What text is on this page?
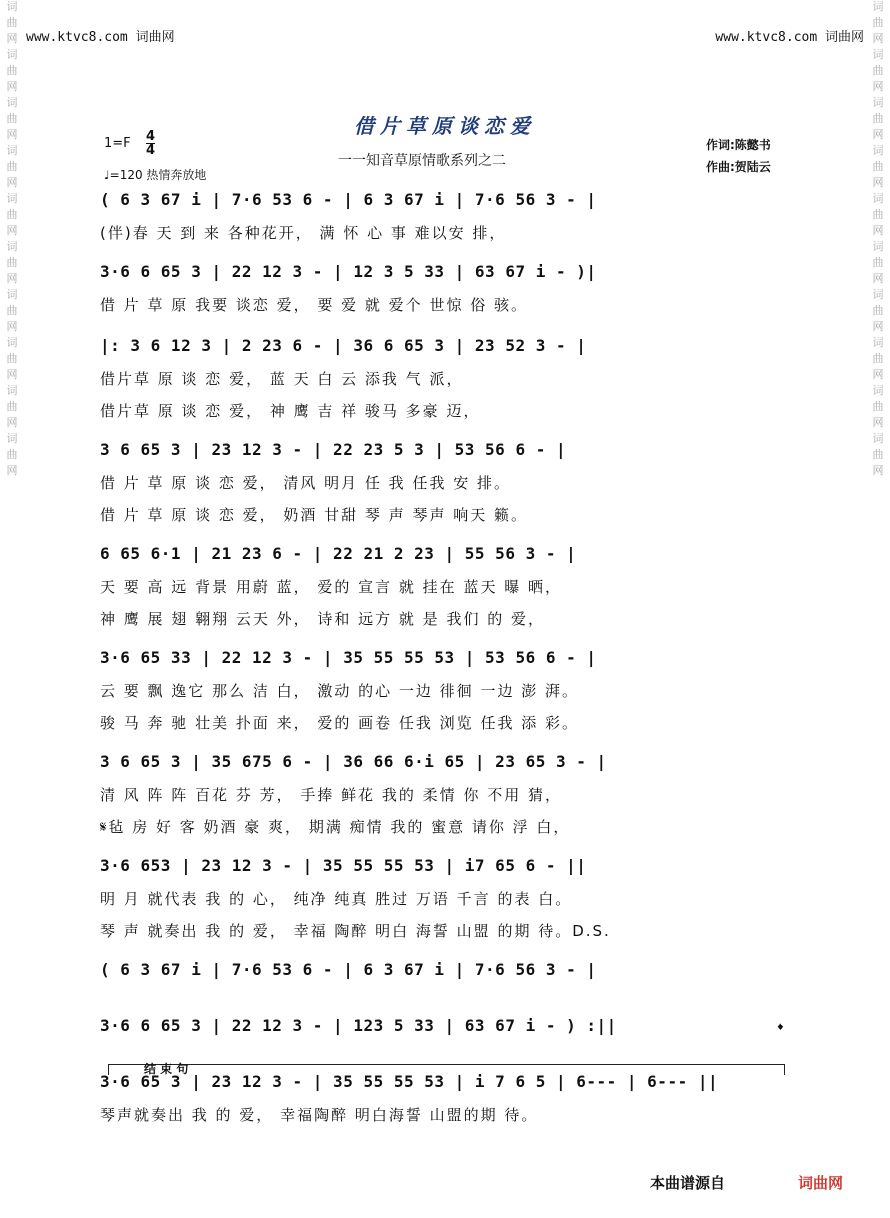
词
曲
网
词
曲
网
词
曲
网
词
曲
网
词
曲
网
词
曲
网
词
曲
网
词
曲
网
词
曲
网
词
曲
网
词
曲
网
词
曲
网
词
曲
网
词
曲
网
词
曲
网
词
曲
网
词
曲
网
词
曲
网
词
曲
网
词
曲
网
www.ktvc8.com 词曲网	www.ktvc8.com 词曲网
借片草原谈恋爱
一一知音草原情歌系列之二
1=F 4
4
♩=120 热情奔放地
作词:陈懿书
作曲:贺陆云
( 6 3 67 i | 7·6 53 6 - | 6 3 67 i | 7·6 56 3 - |
(伴)春 天 到 来 各种花开， 满 怀 心 事 难以安 排，
3·6 6 65 3 | 22 12 3 - | 12 3 5 33 | 63 67 i - )|
借 片 草 原 我要 谈恋 爱， 要 爱 就 爱个 世惊 俗 骇。
|: 3 6 12 3 | 2 23 6 - | 36 6 65 3 | 23 52 3 - |
借片草 原 谈 恋 爱， 蓝 天 白 云 添我 气 派，
借片草 原 谈 恋 爱， 神 鹰 吉 祥 骏马 多豪 迈，
3 6 65 3 | 23 12 3 - | 22 23 5 3 | 53 56 6 - |
借 片 草 原 谈 恋 爱， 清风 明月 任 我 任我 安 排。
借 片 草 原 谈 恋 爱， 奶酒 甘甜 琴 声 琴声 响天 籁。
6 65 6·1 | 21 23 6 - | 22 21 2 23 | 55 56 3 - |
天 要 高 远 背景 用蔚 蓝， 爱的 宣言 就 挂在 蓝天 曝 晒，
神 鹰 展 翅 翱翔 云天 外， 诗和 远方 就 是 我们 的 爱，
3·6 65 33 | 22 12 3 - | 35 55 55 53 | 53 56 6 - |
云 要 飘 逸它 那么 洁 白， 激动 的心 一边 徘徊 一边 澎 湃。
骏 马 奔 驰 壮美 扑面 来， 爱的 画卷 任我 浏览 任我 添 彩。
3 6 65 3 | 35 675 6 - | 36 66 6·i 65 | 23 65 3 - |
清 风 阵 阵 百花 芬 芳， 手捧 鲜花 我的 柔情 你 不用 猜，
𝄋毡 房 好 客 奶酒 豪 爽， 期满 痴情 我的 蜜意 请你 浮 白，
3·6 653 | 23 12 3 - | 35 55 55 53 | i7 65 6 - ||
明 月 就代表 我 的 心， 纯净 纯真 胜过 万语 千言 的表 白。
琴 声 就奏出 我 的 爱， 幸福 陶醉 明白 海誓 山盟 的期 待。D.S.
( 6 3 67 i | 7·6 53 6 - | 6 3 67 i | 7·6 56 3 - |
3·6 6 65 3 | 22 12 3 - | 123 5 33 | 63 67 i - ) :||
3·6 65 3 | 23 12 3 - | 35 55 55 53 | i 7 6 5 | 6--- | 6--- ||
琴声就奏出 我 的 爱， 幸福陶醉 明白海誓 山盟的期 待。
结 束 句
𝄌
本曲谱源自	词曲网
